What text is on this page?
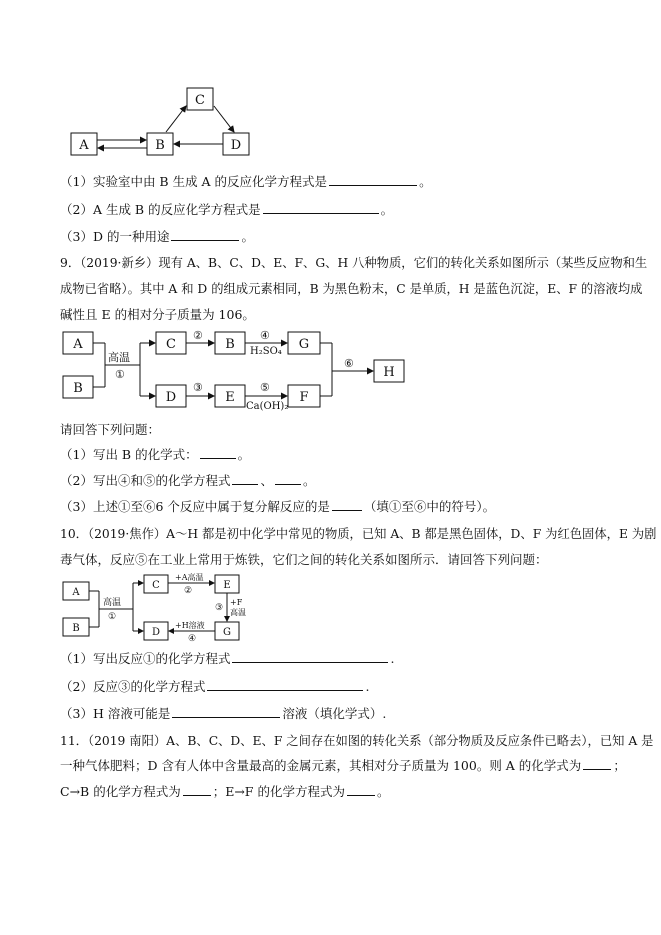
A	B
C
D
（1）实验室中由 B 生成 A 的反应化学方程式是	。
（2）A 生成 B 的反应化学方程式是	。
（3）D 的一种用途	。
9．（2019·新乡）现有 A、B、C、D、E、F、G、H 八种物质，它们的转化关系如图所示（某些反应物和生
成物已省略）。其中 A 和 D 的组成元素相同，B 为黑色粉末，C 是单质，H 是蓝色沉淀，E、F 的溶液均成
碱性且 E 的相对分子质量为 106。
A
B
高温
①
C
②
B
④
H₂SO₄ G
D
③
E
⑤
Ca(OH)₂
F
⑥
H
请回答下列问题：
（1）写出 B 的化学式：	。
（2）写出④和⑤的化学方程式 、 。
（3）上述①至⑥6 个反应中属于复分解反应的是	（填①至⑥中的符号）。
10．（2019·焦作）A～H 都是初中化学中常见的物质，已知 A、B 都是黑色固体，D、F 为红色固体，E 为剧
毒气体，反应⑤在工业上常用于炼铁，它们之间的转化关系如图所示．请回答下列问题：
A
B
高温
①
C
+A高温
②	E
③
+F
高温
G
+H溶液
④
D
（1）写出反应①的化学方程式	.
（2）反应③的化学方程式	.
（3）H 溶液可能是	溶液（填化学式）.
11．（2019 南阳）A、B、C、D、E、F 之间存在如图的转化关系（部分物质及反应条件已略去），已知 A 是
一种气体肥料；D 含有人体中含量最高的金属元素，其相对分子质量为 100。则 A 的化学式为	；
C→B 的化学方程式为	；E→F 的化学方程式为	。
